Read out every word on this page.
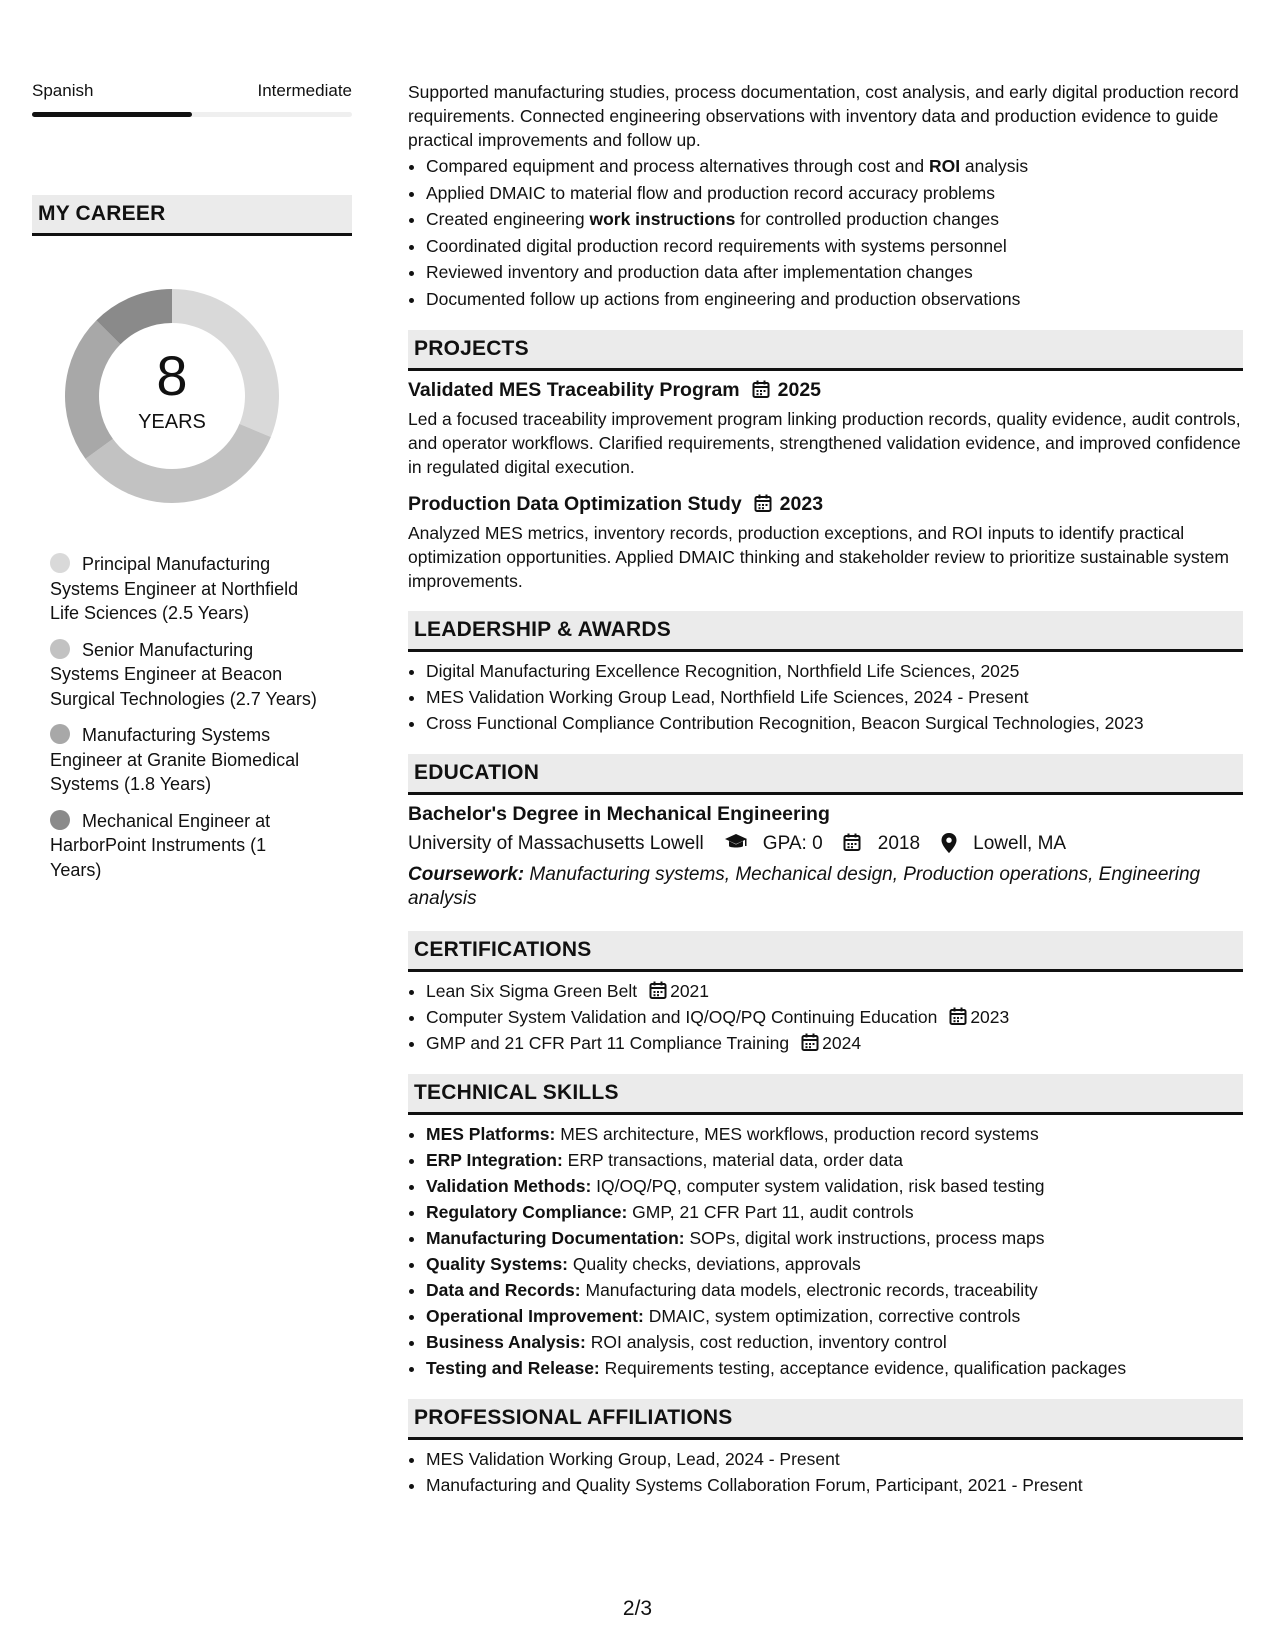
Spanish	Intermediate
MY CAREER
8
YEARS
Principal Manufacturing Systems Engineer at Northfield Life Sciences (2.5 Years)
Senior Manufacturing Systems Engineer at Beacon Surgical Technologies (2.7 Years)
Manufacturing Systems Engineer at Granite Biomedical Systems (1.8 Years)
Mechanical Engineer at HarborPoint Instruments (1 Years)
Supported manufacturing studies, process documentation, cost analysis, and early digital production record requirements. Connected engineering observations with inventory data and production evidence to guide practical improvements and follow up.
• Compared equipment and process alternatives through cost and ROI analysis
• Applied DMAIC to material flow and production record accuracy problems
• Created engineering work instructions for controlled production changes
• Coordinated digital production record requirements with systems personnel
• Reviewed inventory and production data after implementation changes
• Documented follow up actions from engineering and production observations
PROJECTS
Validated MES Traceability Program 2025
Led a focused traceability improvement program linking production records, quality evidence, audit controls, and operator workflows. Clarified requirements, strengthened validation evidence, and improved confidence in regulated digital execution.
Production Data Optimization Study 2023
Analyzed MES metrics, inventory records, production exceptions, and ROI inputs to identify practical optimization opportunities. Applied DMAIC thinking and stakeholder review to prioritize sustainable system improvements.
LEADERSHIP & AWARDS
• Digital Manufacturing Excellence Recognition, Northfield Life Sciences, 2025
• MES Validation Working Group Lead, Northfield Life Sciences, 2024 - Present
• Cross Functional Compliance Contribution Recognition, Beacon Surgical Technologies, 2023
EDUCATION
Bachelor's Degree in Mechanical Engineering
University of Massachusetts Lowell	GPA: 0	2018	Lowell, MA
Coursework: Manufacturing systems, Mechanical design, Production operations, Engineering analysis
CERTIFICATIONS
• Lean Six Sigma Green Belt 2021
• Computer System Validation and IQ/OQ/PQ Continuing Education 2023
• GMP and 21 CFR Part 11 Compliance Training 2024
TECHNICAL SKILLS
• MES Platforms: MES architecture, MES workflows, production record systems
• ERP Integration: ERP transactions, material data, order data
• Validation Methods: IQ/OQ/PQ, computer system validation, risk based testing
• Regulatory Compliance: GMP, 21 CFR Part 11, audit controls
• Manufacturing Documentation: SOPs, digital work instructions, process maps
• Quality Systems: Quality checks, deviations, approvals
• Data and Records: Manufacturing data models, electronic records, traceability
• Operational Improvement: DMAIC, system optimization, corrective controls
• Business Analysis: ROI analysis, cost reduction, inventory control
• Testing and Release: Requirements testing, acceptance evidence, qualification packages
PROFESSIONAL AFFILIATIONS
• MES Validation Working Group, Lead, 2024 - Present
• Manufacturing and Quality Systems Collaboration Forum, Participant, 2021 - Present
2/3
